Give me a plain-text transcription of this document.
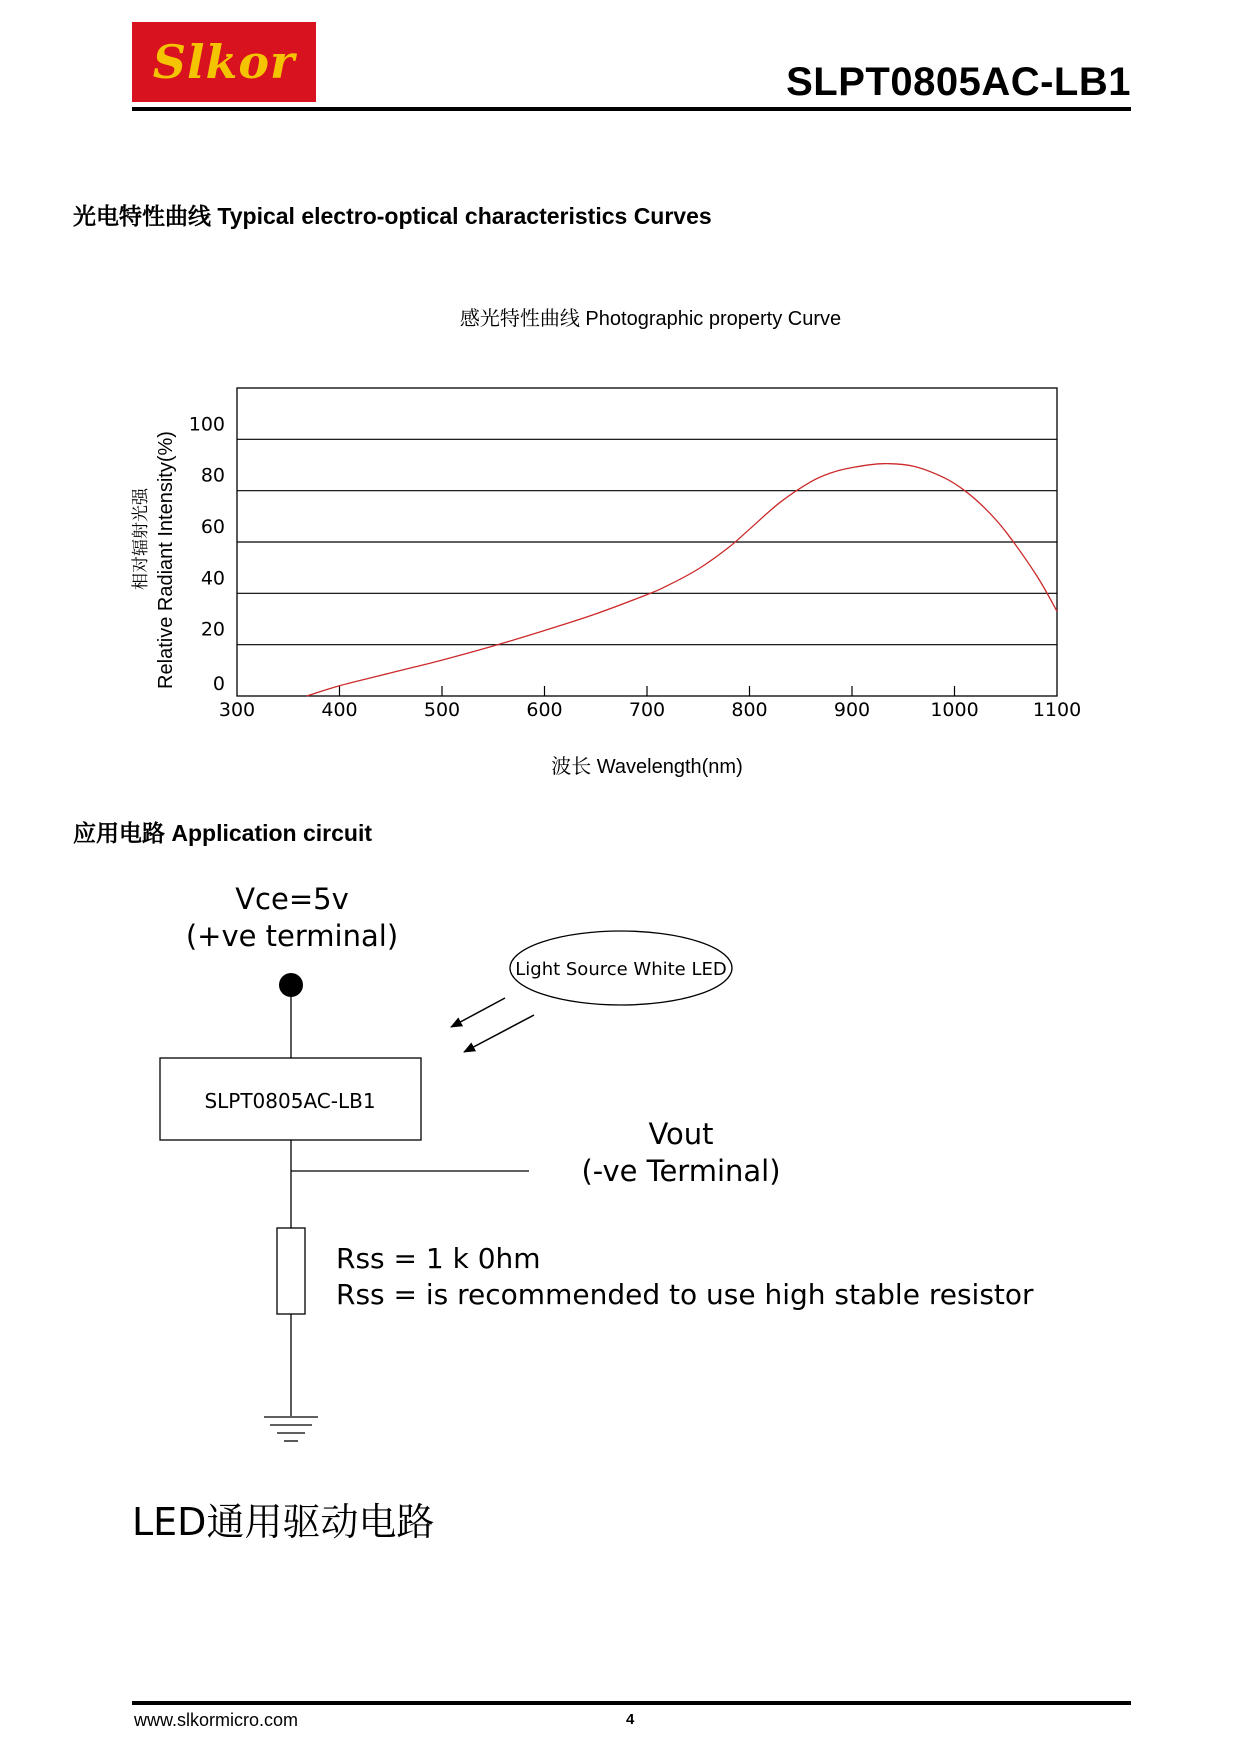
Slkor	SLPT0805AC-LB1
光电特性曲线 Typical electro-optical characteristics Curves
感光特性曲线 Photographic property Curve
300	400	500	600	700	800	900	1000	1100
0
20
40
60
80
100
Relative Radiant Intensity(%)
相对辐射光强
波长 Wavelength(nm)
应用电路 Application circuit
Vce=5v
(+ve terminal)
Light Source White LED
SLPT0805AC-LB1
Vout
(-ve Terminal)
Rss = 1 k 0hm
Rss = is recommended to use high stable resistor
LED通用驱动电路
www.slkormicro.com	4
